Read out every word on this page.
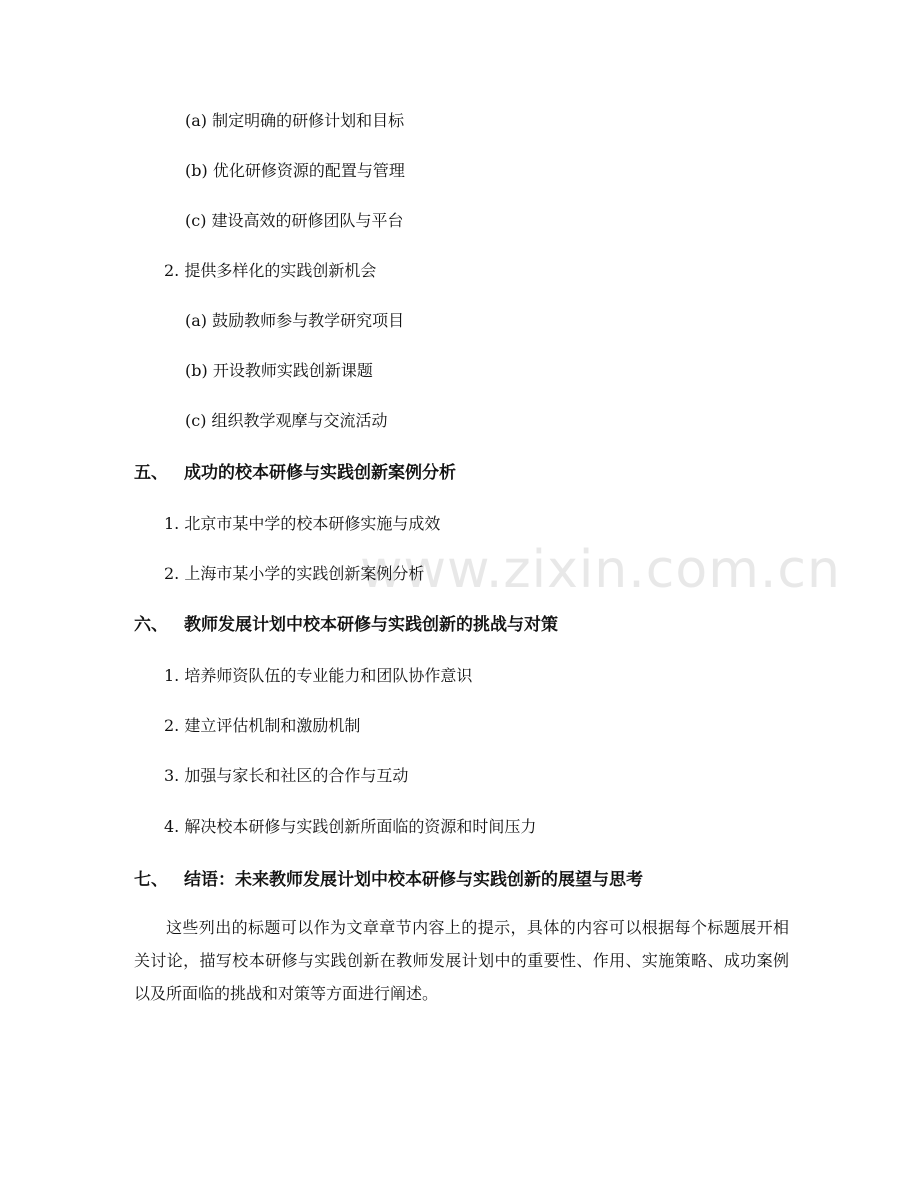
www.zixin.com.cn
(a) 制定明确的研修计划和目标
(b) 优化研修资源的配置与管理
(c) 建设高效的研修团队与平台
2. 提供多样化的实践创新机会
(a) 鼓励教师参与教学研究项目
(b) 开设教师实践创新课题
(c) 组织教学观摩与交流活动
五、 成功的校本研修与实践创新案例分析
1. 北京市某中学的校本研修实施与成效
2. 上海市某小学的实践创新案例分析
六、 教师发展计划中校本研修与实践创新的挑战与对策
1. 培养师资队伍的专业能力和团队协作意识
2. 建立评估机制和激励机制
3. 加强与家长和社区的合作与互动
4. 解决校本研修与实践创新所面临的资源和时间压力
七、 结语：未来教师发展计划中校本研修与实践创新的展望与思考
这些列出的标题可以作为文章章节内容上的提示，具体的内容可以根据每个标题展开相关讨论，描写校本研修与实践创新在教师发展计划中的重要性、作用、实施策略、成功案例以及所面临的挑战和对策等方面进行阐述。
